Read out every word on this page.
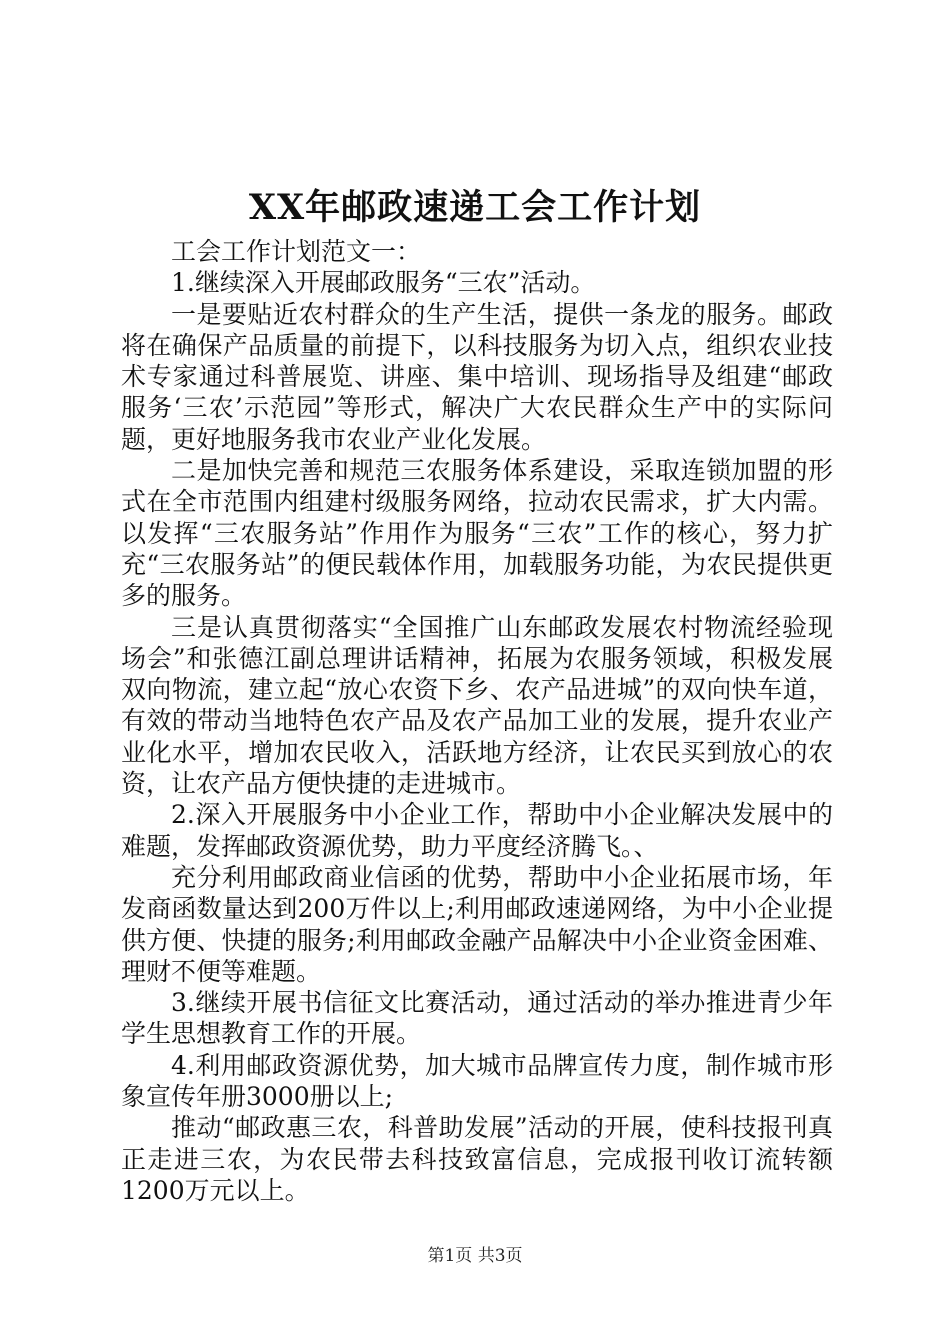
XX年邮政速递工会工作计划

工会工作计划范文一：

1.继续深入开展邮政服务“三农”活动。

一是要贴近农村群众的生产生活，提供一条龙的服务。邮政将在确保产品质量的前提下，以科技服务为切入点，组织农业技术专家通过科普展览、讲座、集中培训、现场指导及组建“邮政服务‘三农’示范园”等形式，解决广大农民群众生产中的实际问题，更好地服务我市农业产业化发展。

二是加快完善和规范三农服务体系建设，采取连锁加盟的形式在全市范围内组建村级服务网络，拉动农民需求，扩大内需。以发挥“三农服务站”作用作为服务“三农”工作的核心，努力扩充“三农服务站”的便民载体作用，加载服务功能，为农民提供更多的服务。

三是认真贯彻落实“全国推广山东邮政发展农村物流经验现场会”和张德江副总理讲话精神，拓展为农服务领域，积极发展双向物流，建立起“放心农资下乡、农产品进城”的双向快车道，有效的带动当地特色农产品及农产品加工业的发展，提升农业产业化水平，增加农民收入，活跃地方经济，让农民买到放心的农资，让农产品方便快捷的走进城市。

2.深入开展服务中小企业工作，帮助中小企业解决发展中的难题，发挥邮政资源优势，助力平度经济腾飞。、

充分利用邮政商业信函的优势，帮助中小企业拓展市场，年发商函数量达到200万件以上;利用邮政速递网络，为中小企业提供方便、快捷的服务;利用邮政金融产品解决中小企业资金困难、理财不便等难题。

3.继续开展书信征文比赛活动，通过活动的举办推进青少年学生思想教育工作的开展。

4.利用邮政资源优势，加大城市品牌宣传力度，制作城市形象宣传年册3000册以上;

推动“邮政惠三农，科普助发展”活动的开展，使科技报刊真正走进三农，为农民带去科技致富信息，完成报刊收订流转额1200万元以上。

第1页 共3页
